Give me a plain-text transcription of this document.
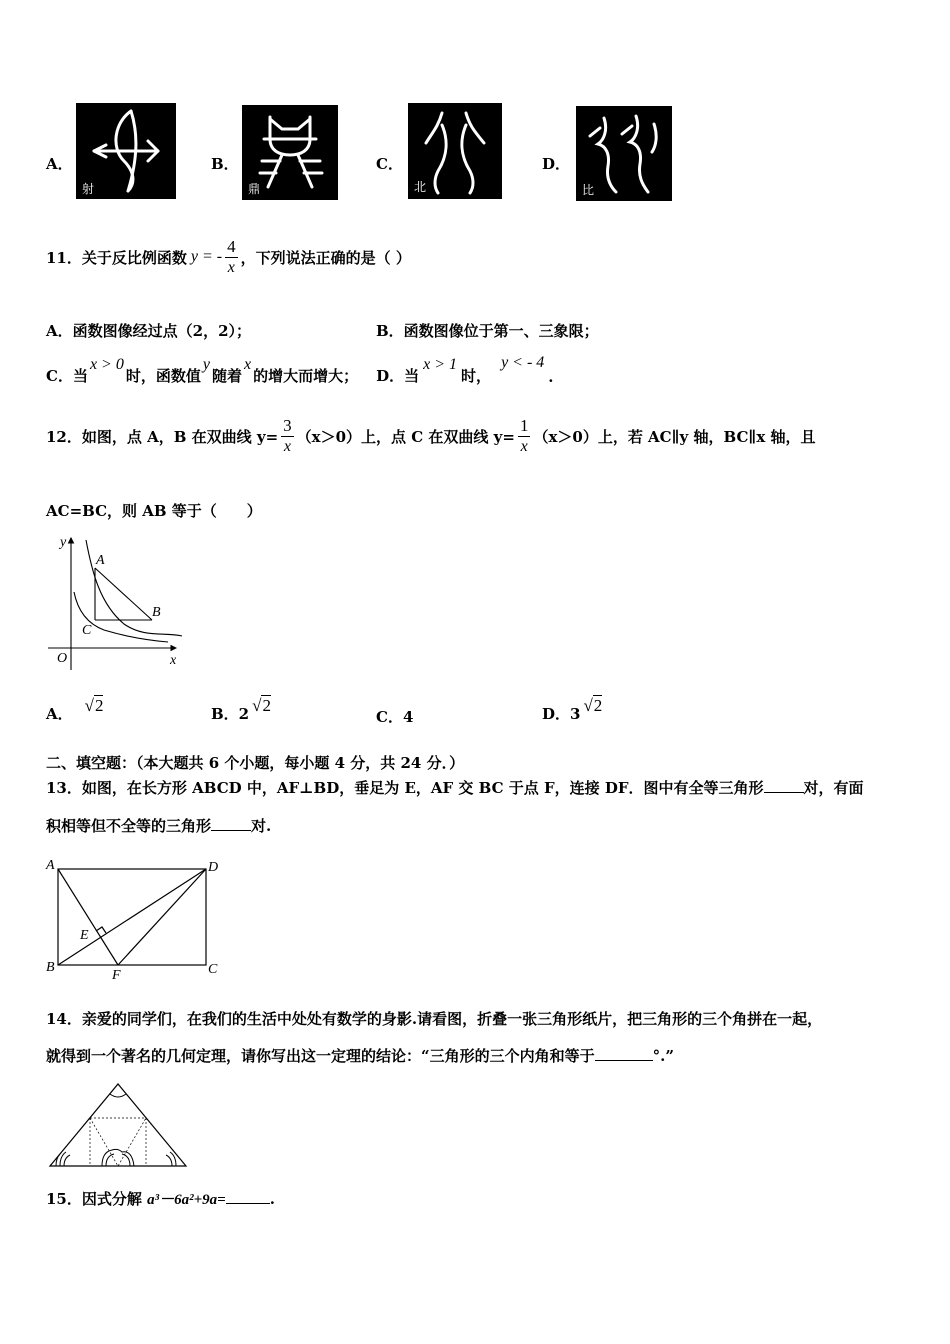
A．
射
B．
鼎
C．
北
D．
比
11．关于反比例函数 y = - $\frac{4}{x}$ ，下列说法正确的是（ ）
A．函数图像经过点（2，2）；	B．函数图像位于第一、三象限；
C．当
x > 0
时，函数值
y
随着
x
的增大而增大； D．当
x > 1
时，
y < - 4
.
12．如图，点 A，B 在双曲线 $y= \frac{3}{x} (x>0)$上，点 C 在双曲线 $y= \frac{1}{x} (x>0)$上，若 AC∥y 轴，BC∥x 轴，且
AC=BC，则 AB 等于（　　）
y
x
O
A
B
C
A． √2	B．2 √2
C．4	D．3 √2
二、填空题：（本大题共 6 个小题，每小题 4 分，共 24 分．）
13．如图，在长方形 ABCD 中，AF⊥BD，垂足为 E，AF 交 BC 于点 F，连接 DF．图中有全等三角形	对，有面
积相等但不全等的三角形	对.
A	D
B	C
E
F
14．亲爱的同学们，在我们的生活中处处有数学的身影.请看图，折叠一张三角形纸片，把三角形的三个角拼在一起，
就得到一个著名的几何定理，请你写出这一定理的结论：“三角形的三个内角和等于	°.”
15．因式分解 a³－6a²+9a=	.
